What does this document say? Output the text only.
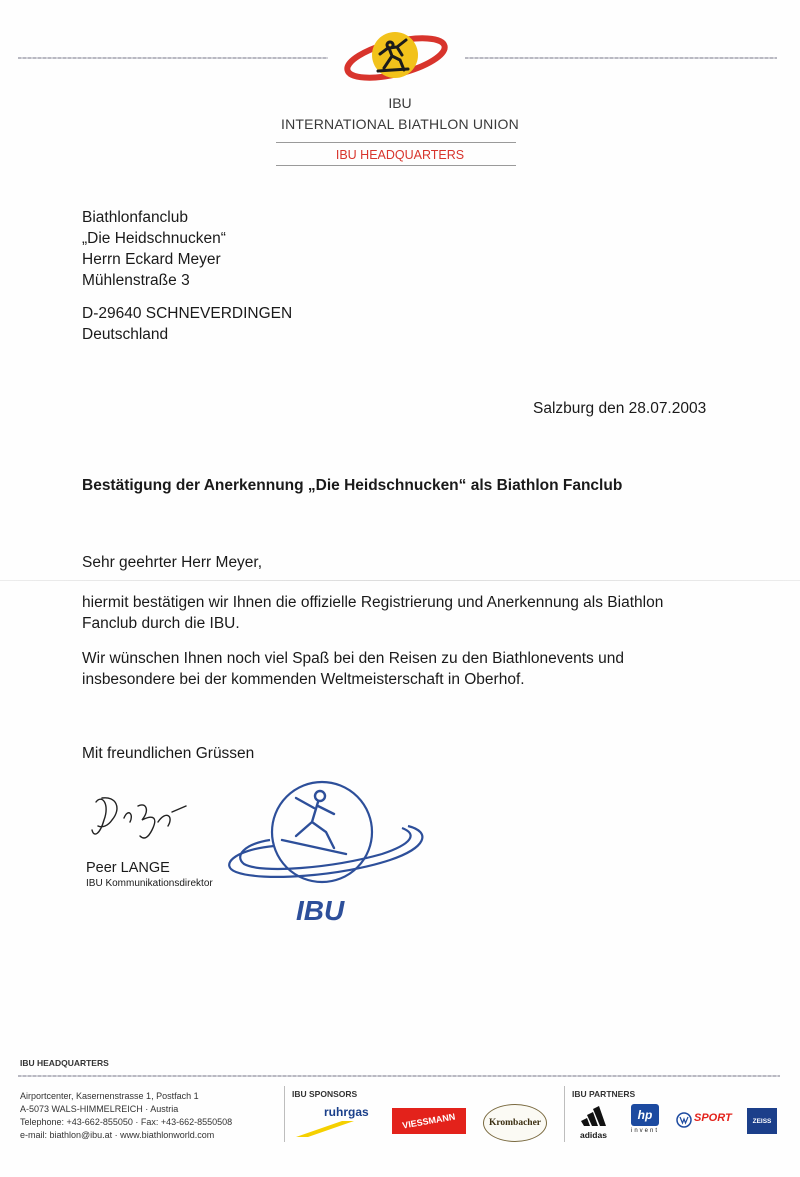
IBU
INTERNATIONAL BIATHLON UNION
IBU HEADQUARTERS
Biathlonfanclub
„Die Heidschnucken“
Herrn Eckard Meyer
Mühlenstraße 3
D-29640 SCHNEVERDINGEN
Deutschland
Salzburg den 28.07.2003
Bestätigung der Anerkennung „Die Heidschnucken“ als Biathlon Fanclub
Sehr geehrter Herr Meyer,
hiermit bestätigen wir Ihnen die offizielle Registrierung und Anerkennung als Biathlon
Fanclub durch die IBU.
Wir wünschen Ihnen noch viel Spaß bei den Reisen zu den Biathlonevents und
insbesondere bei der kommenden Weltmeisterschaft in Oberhof.
Mit freundlichen Grüssen
Peer LANGE
IBU Kommunikationsdirektor
IBU
IBU HEADQUARTERS
Airportcenter, Kasernenstrasse 1, Postfach 1
A-5073 WALS-HIMMELREICH · Austria
Telephone: +43-662-855050 · Fax: +43-662-8550508
e-mail: biathlon@ibu.at · www.biathlonworld.com
IBU SPONSORS
ruhrgas	VIESSMANN	Krombacher
IBU PARTNERS
adidas
hp
invent
SPORT	ZEISS
